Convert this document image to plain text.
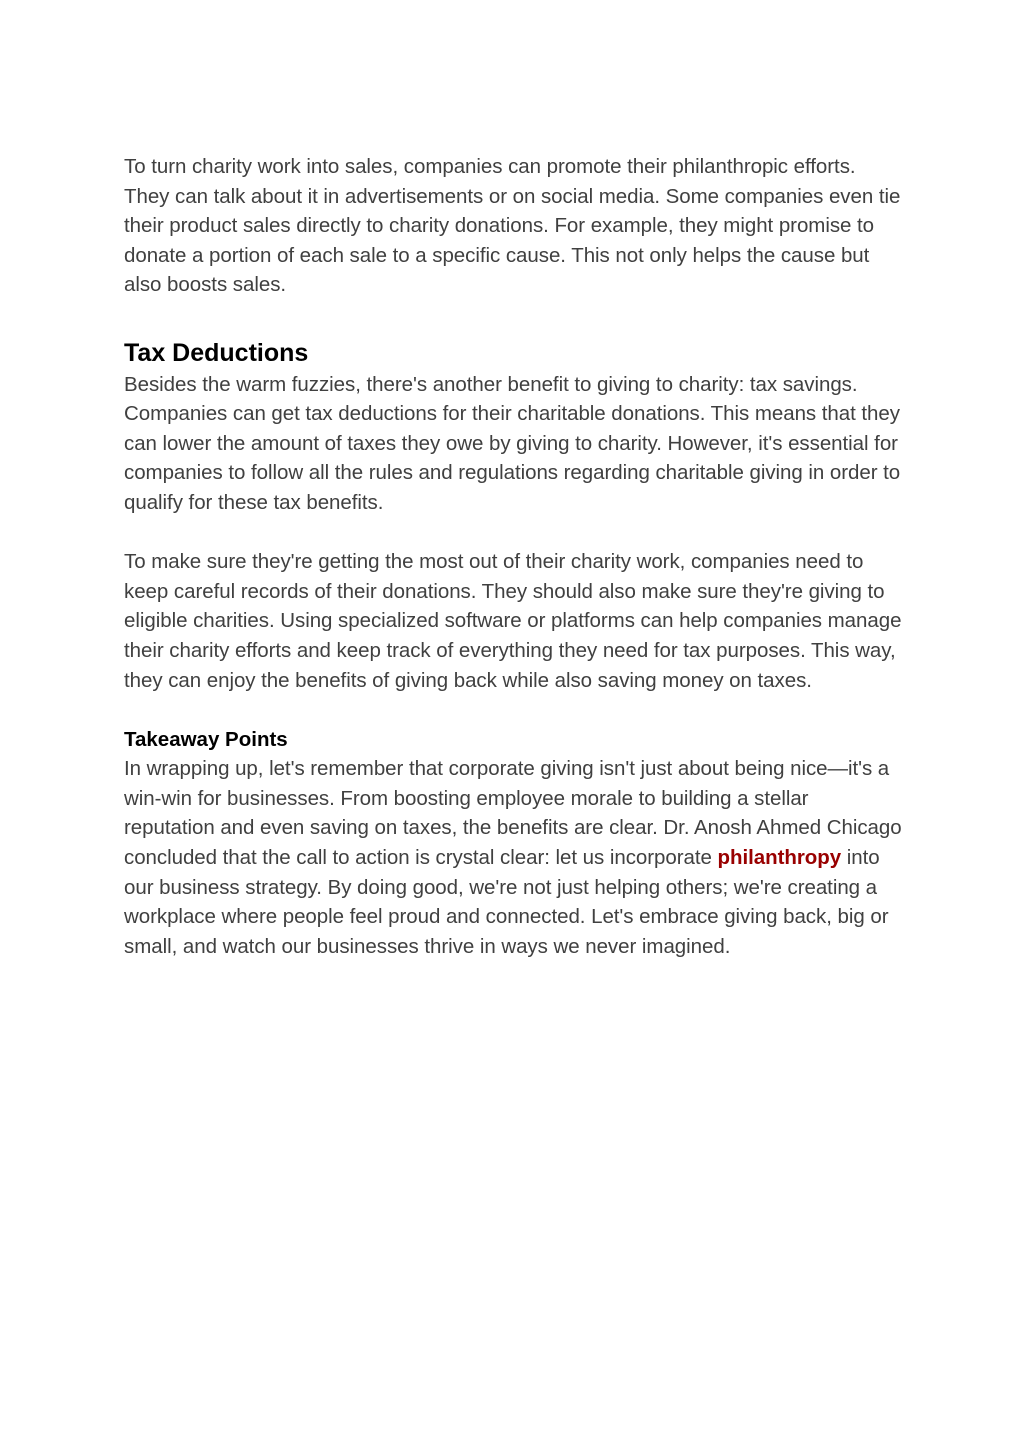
To turn charity work into sales, companies can promote their philanthropic efforts. They can talk about it in advertisements or on social media. Some companies even tie their product sales directly to charity donations. For example, they might promise to donate a portion of each sale to a specific cause. This not only helps the cause but also boosts sales.

Tax Deductions

Besides the warm fuzzies, there's another benefit to giving to charity: tax savings. Companies can get tax deductions for their charitable donations. This means that they can lower the amount of taxes they owe by giving to charity. However, it's essential for companies to follow all the rules and regulations regarding charitable giving in order to qualify for these tax benefits.

To make sure they're getting the most out of their charity work, companies need to keep careful records of their donations. They should also make sure they're giving to eligible charities. Using specialized software or platforms can help companies manage their charity efforts and keep track of everything they need for tax purposes. This way, they can enjoy the benefits of giving back while also saving money on taxes.

Takeaway Points

In wrapping up, let's remember that corporate giving isn't just about being nice—it's a win-win for businesses. From boosting employee morale to building a stellar reputation and even saving on taxes, the benefits are clear. Dr. Anosh Ahmed Chicago concluded that the call to action is crystal clear: let us incorporate philanthropy into our business strategy. By doing good, we're not just helping others; we're creating a workplace where people feel proud and connected. Let's embrace giving back, big or small, and watch our businesses thrive in ways we never imagined.
